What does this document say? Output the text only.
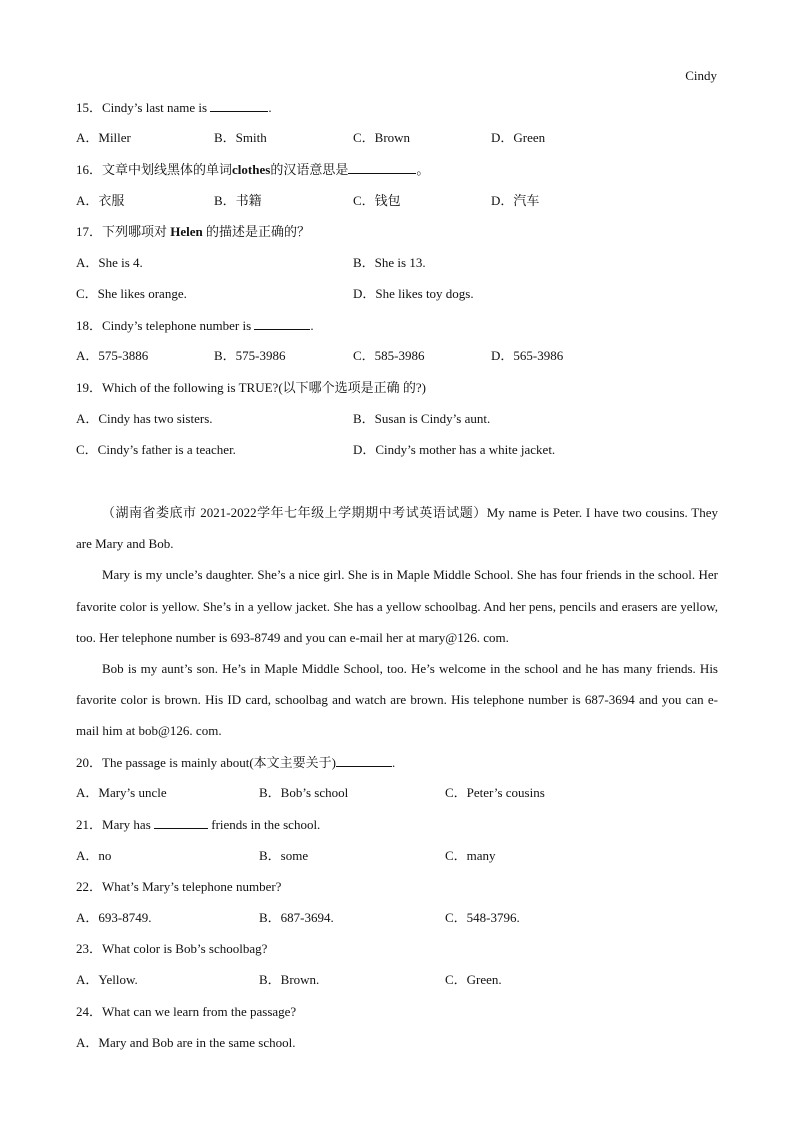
Cindy
15．Cindy’s last name is	.
A．Miller	B．Smith	C．Brown	D．Green
16．文章中划线黑体的单词clothes的汉语意思是	。
A．衣服	B．书籍	C．钱包	D．汽车
17．下列哪项对 Helen 的描述是正确的？
A．She is 4.	B．She is 13.
C．She likes orange.	D．She likes toy dogs.
18．Cindy’s telephone number is	.
A．575-3886	B．575-3986	C．585-3986	D．565-3986
19．Which of the following is TRUE?(以下哪个选项是正确 的?)
A．Cindy has two sisters.	B．Susan is Cindy’s aunt.
C．Cindy’s father is a teacher.	D．Cindy’s mother has a white jacket.

（湖南省娄底市 2021-2022学年七年级上学期期中考试英语试题）My name is Peter. I have two cousins. They are Mary and Bob.

Mary is my uncle’s daughter. She’s a nice girl. She is in Maple Middle School. She has four friends in the school. Her favorite color is yellow. She’s in a yellow jacket. She has a yellow schoolbag. And her pens, pencils and erasers are yellow, too. Her telephone number is 693-8749 and you can e-mail her at mary@126. com.

Bob is my aunt’s son. He’s in Maple Middle School, too. He’s welcome in the school and he has many friends. His favorite color is brown. His ID card, schoolbag and watch are brown. His telephone number is 687-3694 and you can e-mail him at bob@126. com.

20．The passage is mainly about(本文主要关于)	.
A．Mary’s uncle	B．Bob’s school	C．Peter’s cousins
21．Mary has	friends in the school.
A．no	B．some	C．many
22．What’s Mary’s telephone number?
A．693-8749.	B．687-3694.	C．548-3796.
23．What color is Bob’s schoolbag?
A．Yellow.	B．Brown.	C．Green.
24．What can we learn from the passage?
A．Mary and Bob are in the same school.
